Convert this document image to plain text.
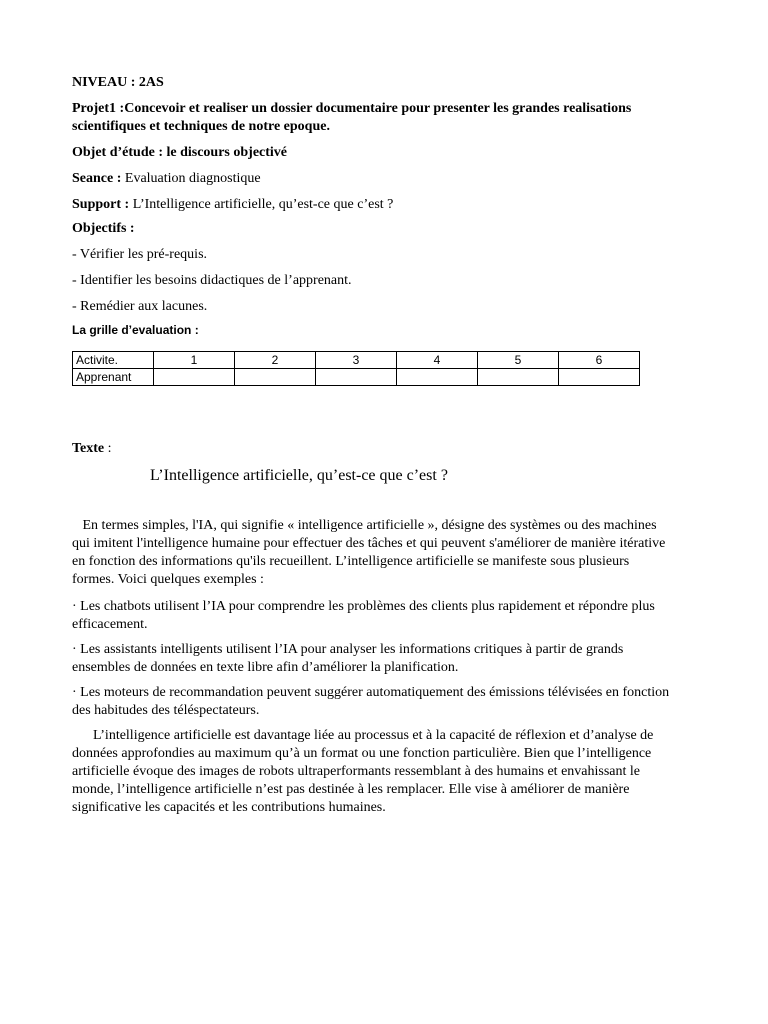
NIVEAU : 2AS
Projet1 :Concevoir et realiser un dossier documentaire pour presenter les grandes realisations
scientifiques et techniques de notre epoque.
Objet d’étude : le discours objectivé
Seance : Evaluation diagnostique
Support : L’Intelligence artificielle, qu’est-ce que c’est ?
Objectifs :
- Vérifier les pré-requis.
- Identifier les besoins didactiques de l’apprenant.
- Remédier aux lacunes.
La grille d’evaluation :
Activite.	1	2	3	4	5	6
Apprenant						
Texte :
L’Intelligence artificielle, qu’est-ce que c’est ?

En termes simples, l'IA, qui signifie « intelligence artificielle », désigne des systèmes ou des machines qui imitent l'intelligence humaine pour effectuer des tâches et qui peuvent s'améliorer de manière itérative en fonction des informations qu'ils recueillent. L’intelligence artificielle se manifeste sous plusieurs formes. Voici quelques exemples :

· Les chatbots utilisent l’IA pour comprendre les problèmes des clients plus rapidement et répondre plus efficacement.

· Les assistants intelligents utilisent l’IA pour analyser les informations critiques à partir de grands ensembles de données en texte libre afin d’améliorer la planification.

· Les moteurs de recommandation peuvent suggérer automatiquement des émissions télévisées en fonction des habitudes des téléspectateurs.

L’intelligence artificielle est davantage liée au processus et à la capacité de réflexion et d’analyse de données approfondies au maximum qu’à un format ou une fonction particulière. Bien que l’intelligence artificielle évoque des images de robots ultraperformants ressemblant à des humains et envahissant le monde, l’intelligence artificielle n’est pas destinée à les remplacer. Elle vise à améliorer de manière significative les capacités et les contributions humaines.
